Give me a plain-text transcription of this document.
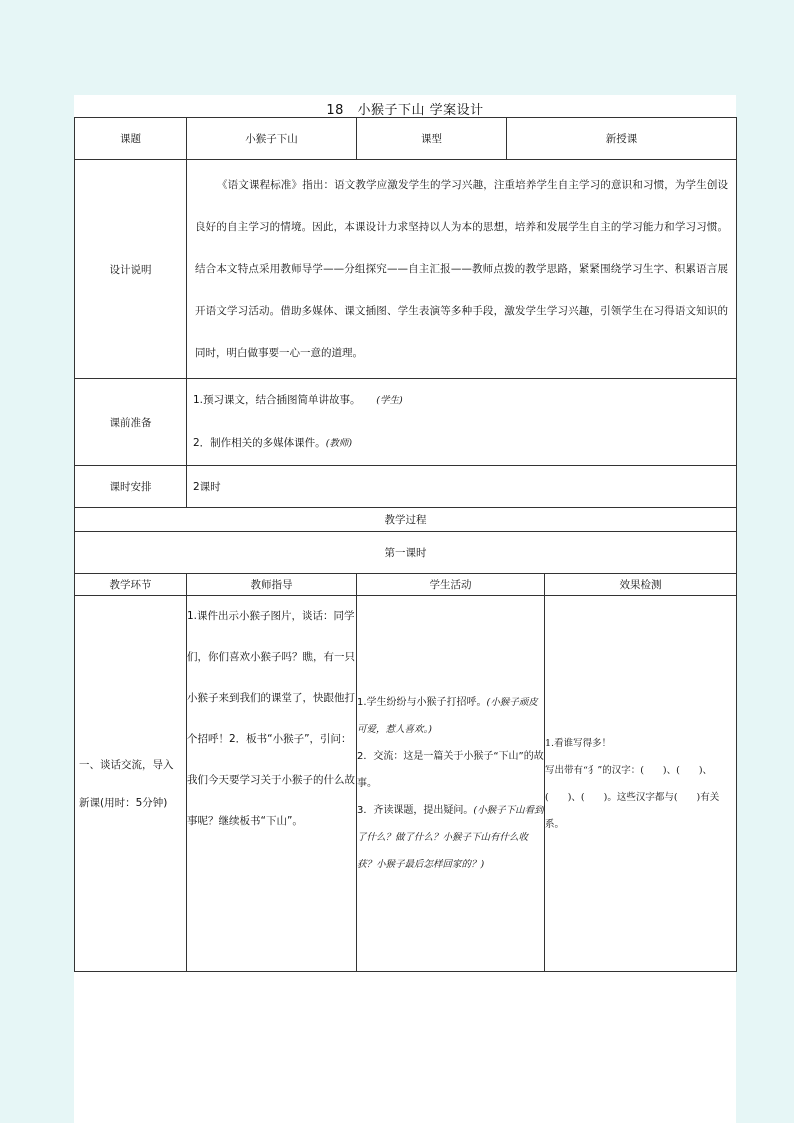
18　小猴子下山 学案设计
课题	小猴子下山	课型	新授课	
设计说明	《语文课程标准》指出：语文教学应激发学生的学习兴趣，注重培养学生自主学习的意识和习惯，为学生创设良好的自主学习的情境。因此，本课设计力求坚持以人为本的思想，培养和发展学生自主的学习能力和学习习惯。结合本文特点采用教师导学——分组探究——自主汇报——教师点拨的教学思路，紧紧围绕学习生字、积累语言展开语文学习活动。借助多媒体、课文插图、学生表演等多种手段，激发学生学习兴趣，引领学生在习得语文知识的同时，明白做事要一心一意的道理。			
课前准备	1.预习课文，结合插图简单讲故事。　　 (学生)

2．制作相关的多媒体课件。(教师)			

课时安排	2课时			
教学过程				
第一课时				
教学环节	教师指导	学生活动		效果检测
一、谈话交流，导入新课(用时：5分钟)	1.课件出示小猴子图片，谈话：同学们，你们喜欢小猴子吗？瞧，有一只小猴子来到我们的课堂了，快跟他打个招呼！2．板书“小猴子”，引问：我们今天要学习关于小猴子的什么故事呢？继续板书“下山”。	1.学生纷纷与小猴子打招呼。(小猴子顽皮可爱，惹人喜欢。)
2．交流：这是一篇关于小猴子“下山”的故事。
3．齐读课题，提出疑问。(小猴子下山看到了什么？做了什么？小猴子下山有什么收获？小猴子最后怎样回家的？)		1.看谁写得多！
写出带有“犭”的汉字：(　　)、(　　)、(　　)、(　　)。这些汉字都与(　　)有关系。
